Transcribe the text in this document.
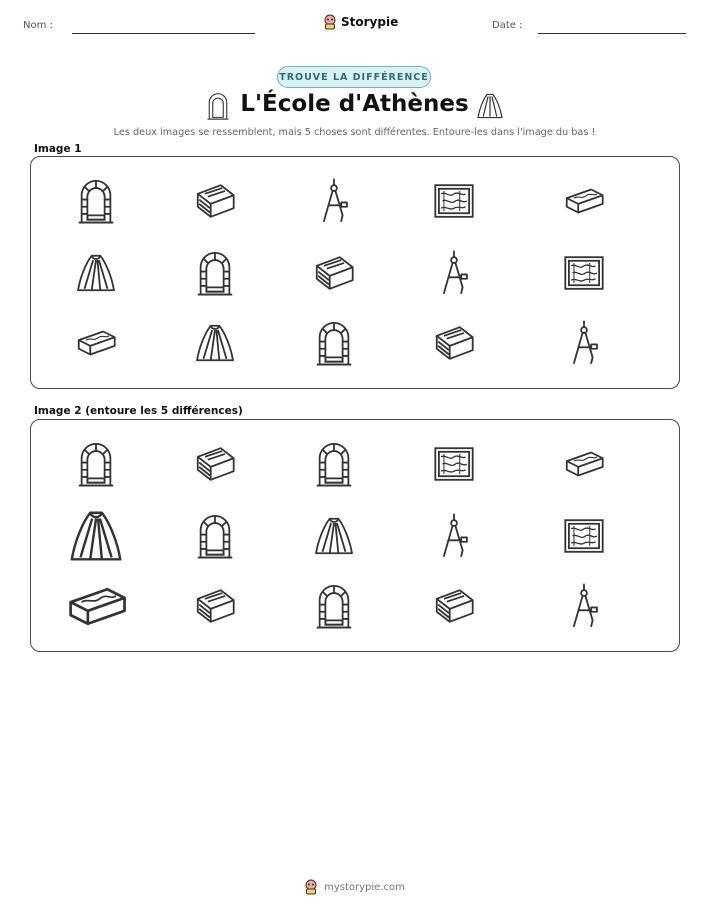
Nom :	Storypie	Date :
TROUVE LA DIFFÉRENCE
L'École d'Athènes
Les deux images se ressemblent, mais 5 choses sont différentes. Entoure-les dans l'image du bas !
Image 1
Image 2 (entoure les 5 différences)
mystorypie.com
